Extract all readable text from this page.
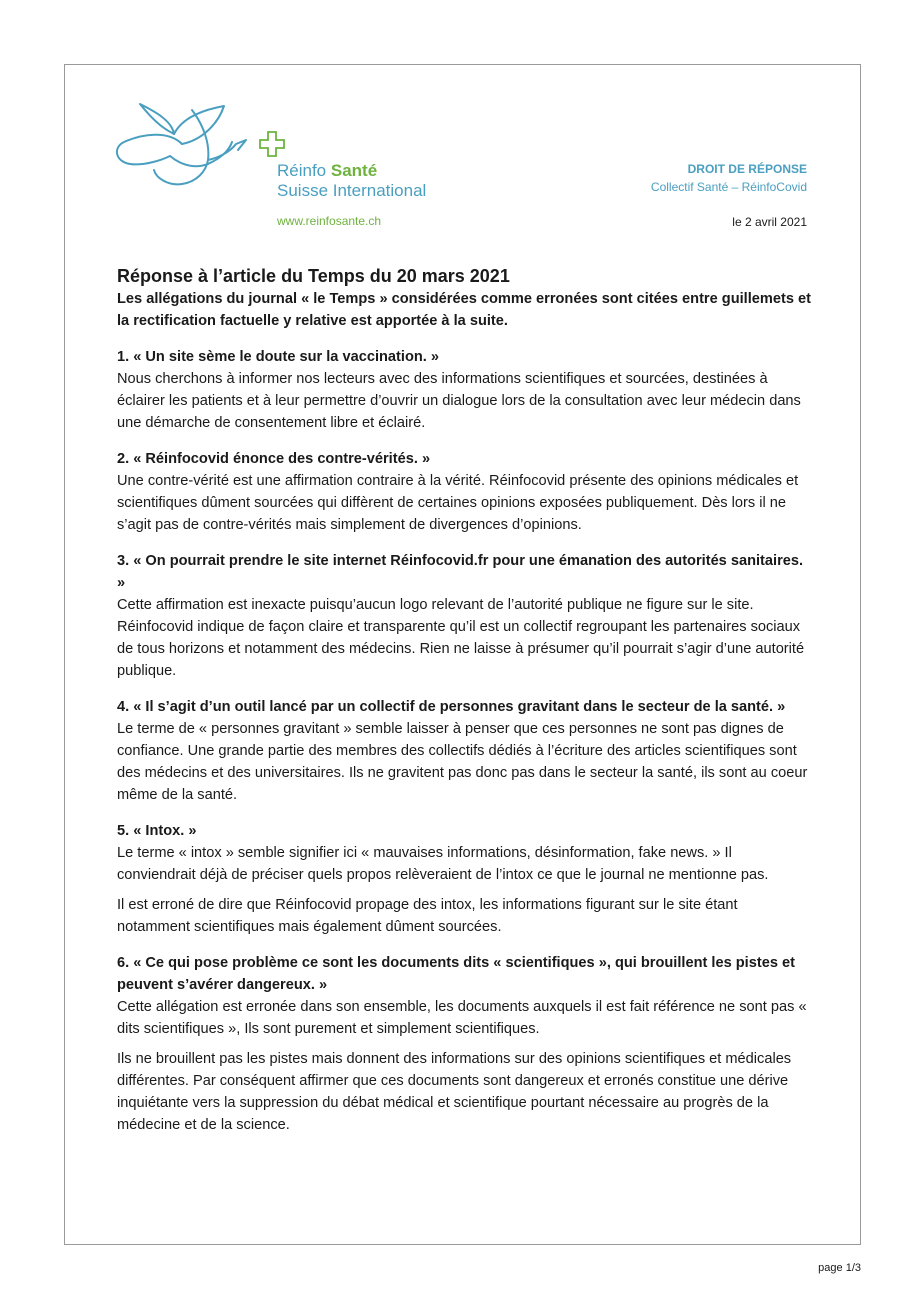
Réinfo Santé
Suisse International
www.reinfosante.ch
DROIT DE RÉPONSE
Collectif Santé – RéinfoCovid
le 2 avril 2021
Réponse à l’article du Temps du 20 mars 2021

Les allégations du journal « le Temps » considérées comme erronées sont citées entre guillemets et la rectification factuelle y relative est apportée à la suite.

1. « Un site sème le doute sur la vaccination. »

Nous cherchons à informer nos lecteurs avec des informations scientifiques et sourcées, destinées à éclairer les patients et à leur permettre d’ouvrir un dialogue lors de la consultation avec leur médecin dans une démarche de consentement libre et éclairé.

2. « Réinfocovid énonce des contre-vérités. »

Une contre-vérité est une affirmation contraire à la vérité. Réinfocovid présente des opinions médicales et scientifiques dûment sourcées qui diffèrent de certaines opinions exposées publiquement. Dès lors il ne s’agit pas de contre-vérités mais simplement de divergences d’opinions.

3. « On pourrait prendre le site internet Réinfocovid.fr pour une émanation des autorités sanitaires. »

Cette affirmation est inexacte puisqu’aucun logo relevant de l’autorité publique ne figure sur le site. Réinfocovid indique de façon claire et transparente qu’il est un collectif regroupant les partenaires sociaux de tous horizons et notamment des médecins. Rien ne laisse à présumer qu’il pourrait s’agir d’une autorité publique.

4. « Il s’agit d’un outil lancé par un collectif de personnes gravitant dans le secteur de la santé. »

Le terme de « personnes gravitant » semble laisser à penser que ces personnes ne sont pas dignes de confiance. Une grande partie des membres des collectifs dédiés à l’écriture des articles scientifiques sont des médecins et des universitaires. Ils ne gravitent pas donc pas dans le secteur la santé, ils sont au coeur même de la santé.

5. « Intox. »

Le terme « intox » semble signifier ici « mauvaises informations, désinformation, fake news. » Il conviendrait déjà de préciser quels propos relèveraient de l’intox ce que le journal ne mentionne pas.

Il est erroné de dire que Réinfocovid propage des intox, les informations figurant sur le site étant notamment scientifiques mais également dûment sourcées.

6. « Ce qui pose problème ce sont les documents dits « scientifiques », qui brouillent les pistes et peuvent s’avérer dangereux. »

Cette allégation est erronée dans son ensemble, les documents auxquels il est fait référence ne sont pas « dits scientifiques », Ils sont purement et simplement scientifiques.

Ils ne brouillent pas les pistes mais donnent des informations sur des opinions scientifiques et médicales différentes. Par conséquent affirmer que ces documents sont dangereux et erronés constitue une dérive inquiétante vers la suppression du débat médical et scientifique pourtant nécessaire au progrès de la médecine et de la science.

page 1/3
